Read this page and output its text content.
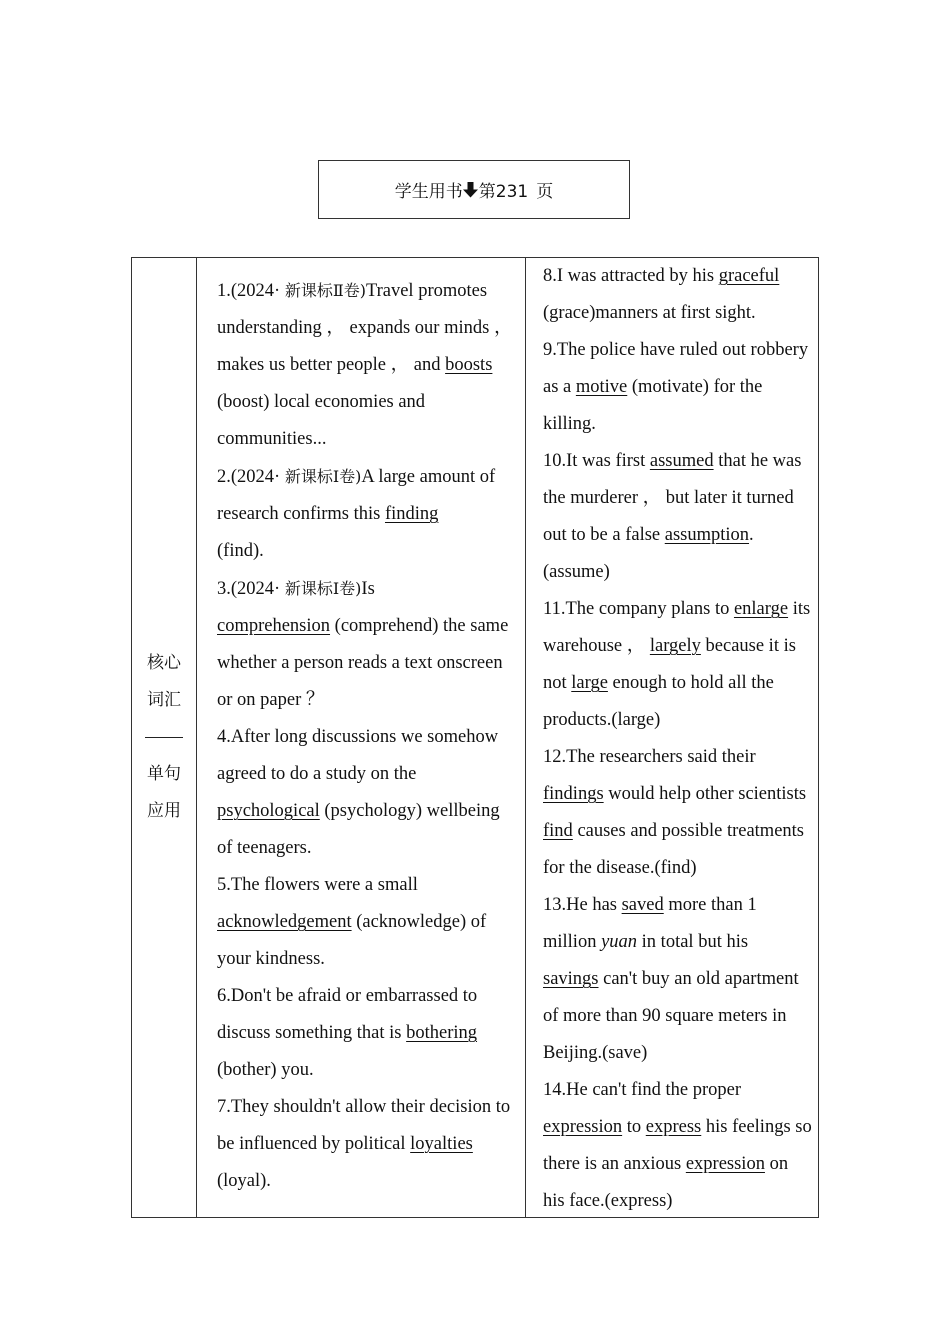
学生用书 第231 页
核心
词汇
单句
应用

1.(2024· 新课标Ⅱ卷)Travel promotes understanding ， expands our minds ， makes us better people ， and boosts (boost) local economies and communities...

2.(2024· 新课标Ⅰ卷)A large amount of research confirms this finding
(find).

3.(2024· 新课标Ⅰ卷)Is
comprehension (comprehend) the same whether a person reads a text onscreen or on paper ？

4.After long discussions we somehow agreed to do a study on the psychological (psychology) wellbeing of teenagers.

5.The flowers were a small
acknowledgement (acknowledge) of your kindness.

6.Don't be afraid or embarrassed to discuss something that is bothering
(bother) you.

7.They shouldn't allow their decision to be influenced by political loyalties
(loyal).

8.I was attracted by his graceful
(grace)manners at first sight.

9.The police have ruled out robbery as a motive (motivate) for the killing.

10.It was first assumed that he was the murderer ， but later it turned out to be a false assumption. (assume)

11.The company plans to enlarge its warehouse ， largely because it is not large enough to hold all the products.(large)

12.The researchers said their
findings would help other scientists find causes and possible treatments for the disease.(find)

13.He has saved more than 1 million yuan in total but his
savings can't buy an old apartment of more than 90 square meters in Beijing.(save)

14.He can't find the proper
expression to express his feelings so there is an anxious expression on his face.(express)
